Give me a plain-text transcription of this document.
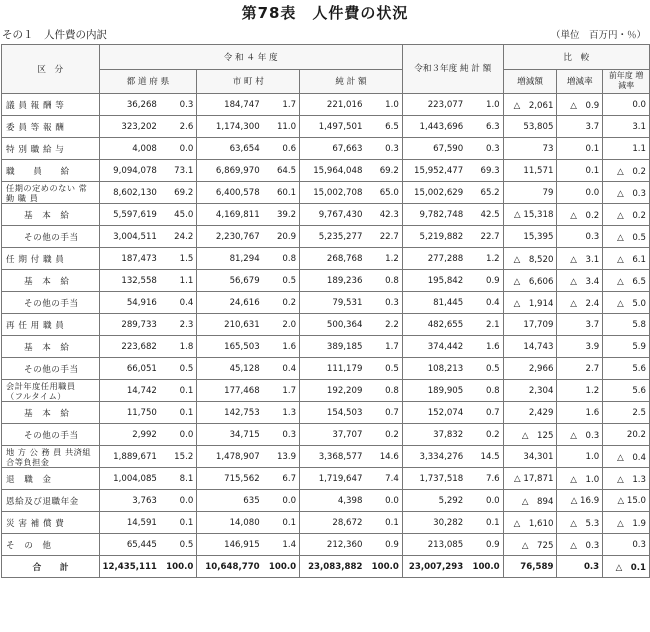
第78表　人件費の状況
その１　人件費の内訳	（単位　百万円・％）
区　分	令 和 ４ 年 度						令和３年度 純 計 額		比　較		
	都 道 府 県		市 町 村		純 計 額				増減額	増減率	前年度 増減率
議 員 報 酬 等	36,268	0.3	184,747	1.7	221,016	1.0	223,077	1.0	△　2,061	△　0.9	0.0
委 員 等 報 酬	323,202	2.6	1,174,300	11.0	1,497,501	6.5	1,443,696	6.3	53,805	3.7	3.1
特 別 職 給 与	4,008	0.0	63,654	0.6	67,663	0.3	67,590	0.3	73	0.1	1.1
職　　員　　給	9,094,078	73.1	6,869,970	64.5	15,964,048	69.2	15,952,477	69.3	11,571	0.1	△　0.2
任期の定めのない 常 勤 職 員	8,602,130	69.2	6,400,578	60.1	15,002,708	65.0	15,002,629	65.2	79	0.0	△　0.3
基　本　給	5,597,619	45.0	4,169,811	39.2	9,767,430	42.3	9,782,748	42.5	△ 15,318	△　0.2	△　0.2
その他の手当	3,004,511	24.2	2,230,767	20.9	5,235,277	22.7	5,219,882	22.7	15,395	0.3	△　0.5
任 期 付 職 員	187,473	1.5	81,294	0.8	268,768	1.2	277,288	1.2	△　8,520	△　3.1	△　6.1
基　本　給	132,558	1.1	56,679	0.5	189,236	0.8	195,842	0.9	△　6,606	△　3.4	△　6.5
その他の手当	54,916	0.4	24,616	0.2	79,531	0.3	81,445	0.4	△　1,914	△　2.4	△　5.0
再 任 用 職 員	289,733	2.3	210,631	2.0	500,364	2.2	482,655	2.1	17,709	3.7	5.8
基　本　給	223,682	1.8	165,503	1.6	389,185	1.7	374,442	1.6	14,743	3.9	5.9
その他の手当	66,051	0.5	45,128	0.4	111,179	0.5	108,213	0.5	2,966	2.7	5.6
会計年度任用職員 （フルタイム）	14,742	0.1	177,468	1.7	192,209	0.8	189,905	0.8	2,304	1.2	5.6
基　本　給	11,750	0.1	142,753	1.3	154,503	0.7	152,074	0.7	2,429	1.6	2.5
その他の手当	2,992	0.0	34,715	0.3	37,707	0.2	37,832	0.2	△　125	△　0.3	20.2
地 方 公 務 員 共済組合等負担金	1,889,671	15.2	1,478,907	13.9	3,368,577	14.6	3,334,276	14.5	34,301	1.0	△　0.4
退　職　金	1,004,085	8.1	715,562	6.7	1,719,647	7.4	1,737,518	7.6	△ 17,871	△　1.0	△　1.3
恩給及び退職年金	3,763	0.0	635	0.0	4,398	0.0	5,292	0.0	△　894	△ 16.9	△ 15.0
災 害 補 償 費	14,591	0.1	14,080	0.1	28,672	0.1	30,282	0.1	△　1,610	△　5.3	△　1.9
そ　の　他	65,445	0.5	146,915	1.4	212,360	0.9	213,085	0.9	△　725	△　0.3	0.3
合　　計	12,435,111	100.0	10,648,770	100.0	23,083,882	100.0	23,007,293	100.0	76,589	0.3	△　0.1
